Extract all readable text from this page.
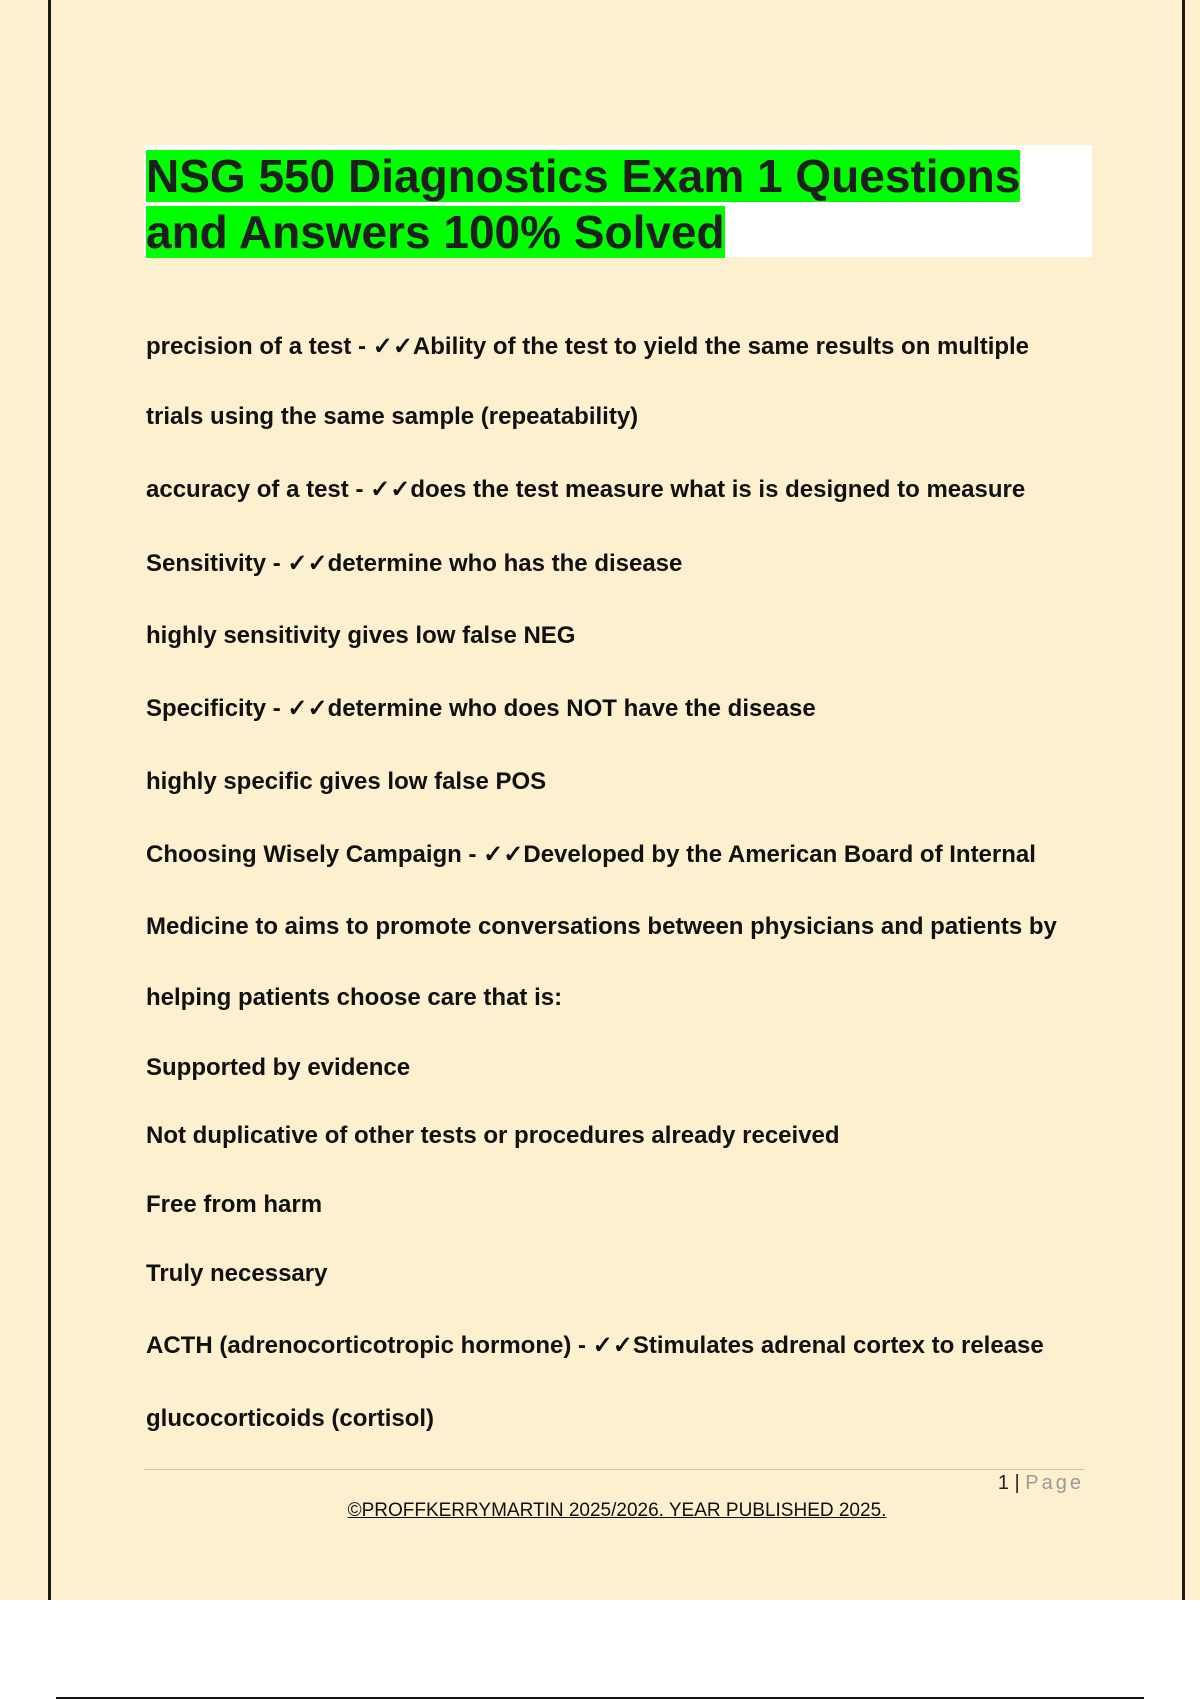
NSG 550 Diagnostics Exam 1 Questions and Answers 100% Solved
precision of a test - ✓✓Ability of the test to yield the same results on multiple
trials using the same sample (repeatability)
accuracy of a test - ✓✓does the test measure what is is designed to measure
Sensitivity - ✓✓determine who has the disease
highly sensitivity gives low false NEG
Specificity - ✓✓determine who does NOT have the disease
highly specific gives low false POS
Choosing Wisely Campaign - ✓✓Developed by the American Board of Internal
Medicine to aims to promote conversations between physicians and patients by
helping patients choose care that is:
Supported by evidence
Not duplicative of other tests or procedures already received
Free from harm
Truly necessary
ACTH (adrenocorticotropic hormone) - ✓✓Stimulates adrenal cortex to release
glucocorticoids (cortisol)
1 | Page
©PROFFKERRYMARTIN 2025/2026. YEAR PUBLISHED 2025.
